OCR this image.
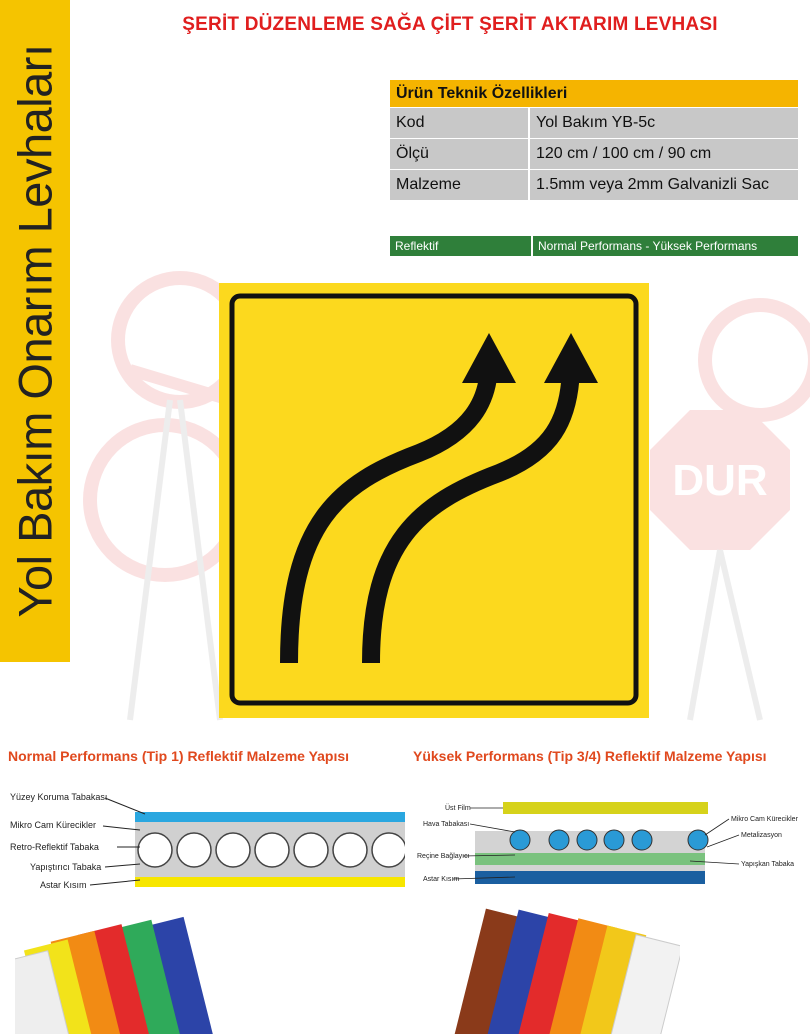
Yol Bakım Onarım Levhaları
ŞERİT DÜZENLEME SAĞA ÇİFT ŞERİT AKTARIM LEVHASI
Ürün Teknik Özellikleri
Kod	Yol Bakım YB-5c
Ölçü	120 cm / 100 cm / 90 cm
Malzeme	1.5mm veya 2mm Galvanizli Sac
Reflektif	Normal Performans - Yüksek Performans
DUR
Normal Performans (Tip 1) Reflektif Malzeme Yapısı
Yüzey Koruma Tabakası
Mikro Cam Kürecikler
Retro-Reflektif Tabaka
Yapıştırıcı Tabaka
Astar Kısım
Yüksek Performans (Tip 3/4) Reflektif Malzeme Yapısı
Üst Film
Hava Tabakası
Reçine Bağlayıcı
Astar Kısım
Mikro Cam Kürecikler
Metalizasyon
Yapışkan Tabaka
